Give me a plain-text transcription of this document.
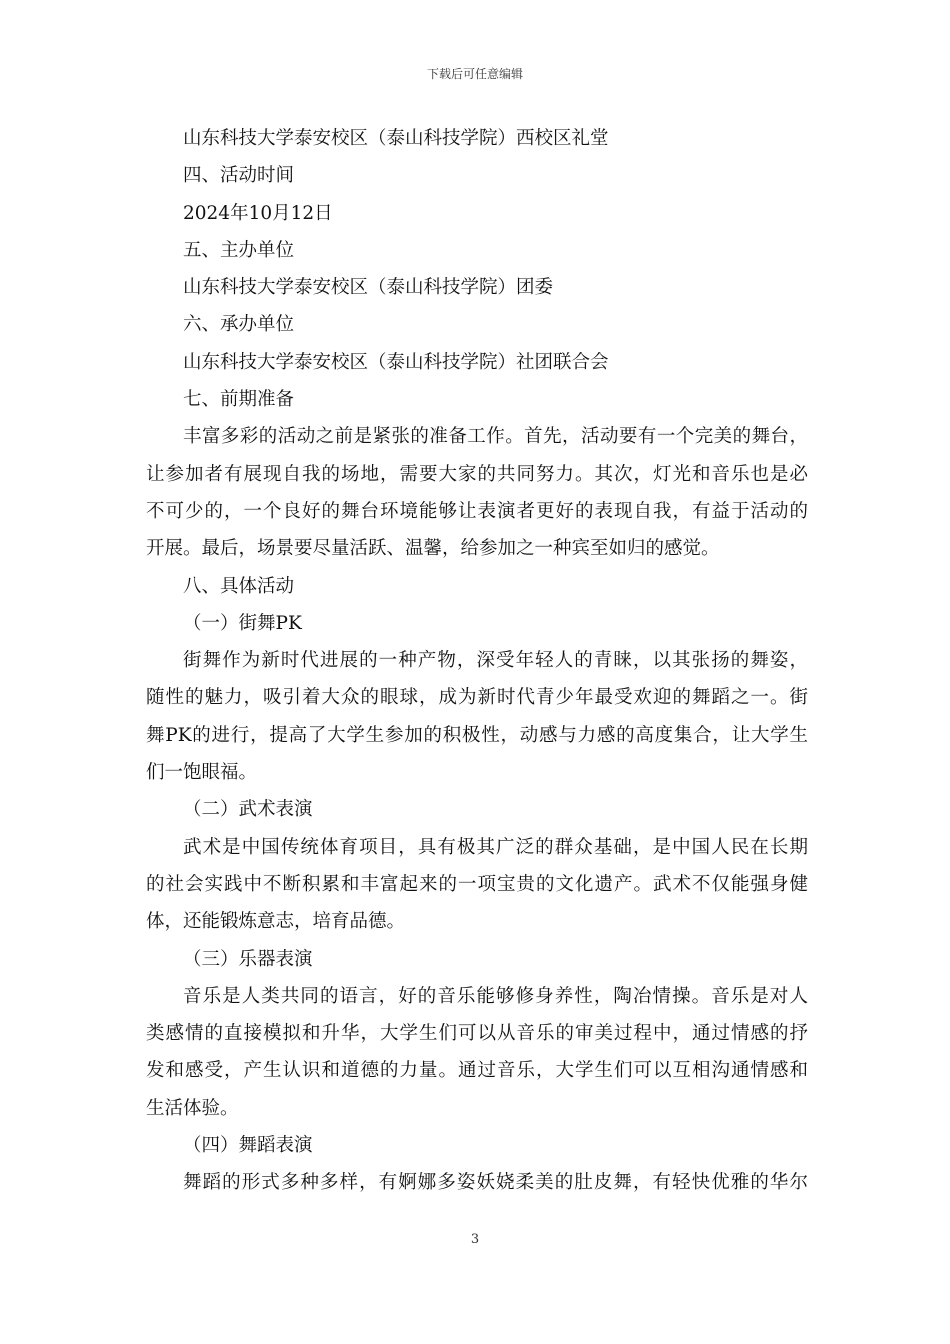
下载后可任意编辑
山东科技大学泰安校区（泰山科技学院）西校区礼堂
四、活动时间
2024年10月12日
五、主办单位
山东科技大学泰安校区（泰山科技学院）团委
六、承办单位
山东科技大学泰安校区（泰山科技学院）社团联合会
七、前期准备
丰富多彩的活动之前是紧张的准备工作。首先，活动要有一个完美的舞台，
让参加者有展现自我的场地，需要大家的共同努力。其次，灯光和音乐也是必
不可少的，一个良好的舞台环境能够让表演者更好的表现自我，有益于活动的
开展。最后，场景要尽量活跃、温馨，给参加之一种宾至如归的感觉。
八、具体活动
（一）街舞PK
街舞作为新时代进展的一种产物，深受年轻人的青睐，以其张扬的舞姿，
随性的魅力，吸引着大众的眼球，成为新时代青少年最受欢迎的舞蹈之一。街
舞PK的进行，提高了大学生参加的积极性，动感与力感的高度集合，让大学生
们一饱眼福。
（二）武术表演
武术是中国传统体育项目，具有极其广泛的群众基础，是中国人民在长期
的社会实践中不断积累和丰富起来的一项宝贵的文化遗产。武术不仅能强身健
体，还能锻炼意志，培育品德。
（三）乐器表演
音乐是人类共同的语言，好的音乐能够修身养性，陶冶情操。音乐是对人
类感情的直接模拟和升华，大学生们可以从音乐的审美过程中，通过情感的抒
发和感受，产生认识和道德的力量。通过音乐，大学生们可以互相沟通情感和
生活体验。
（四）舞蹈表演
舞蹈的形式多种多样，有婀娜多姿妖娆柔美的肚皮舞，有轻快优雅的华尔
3
